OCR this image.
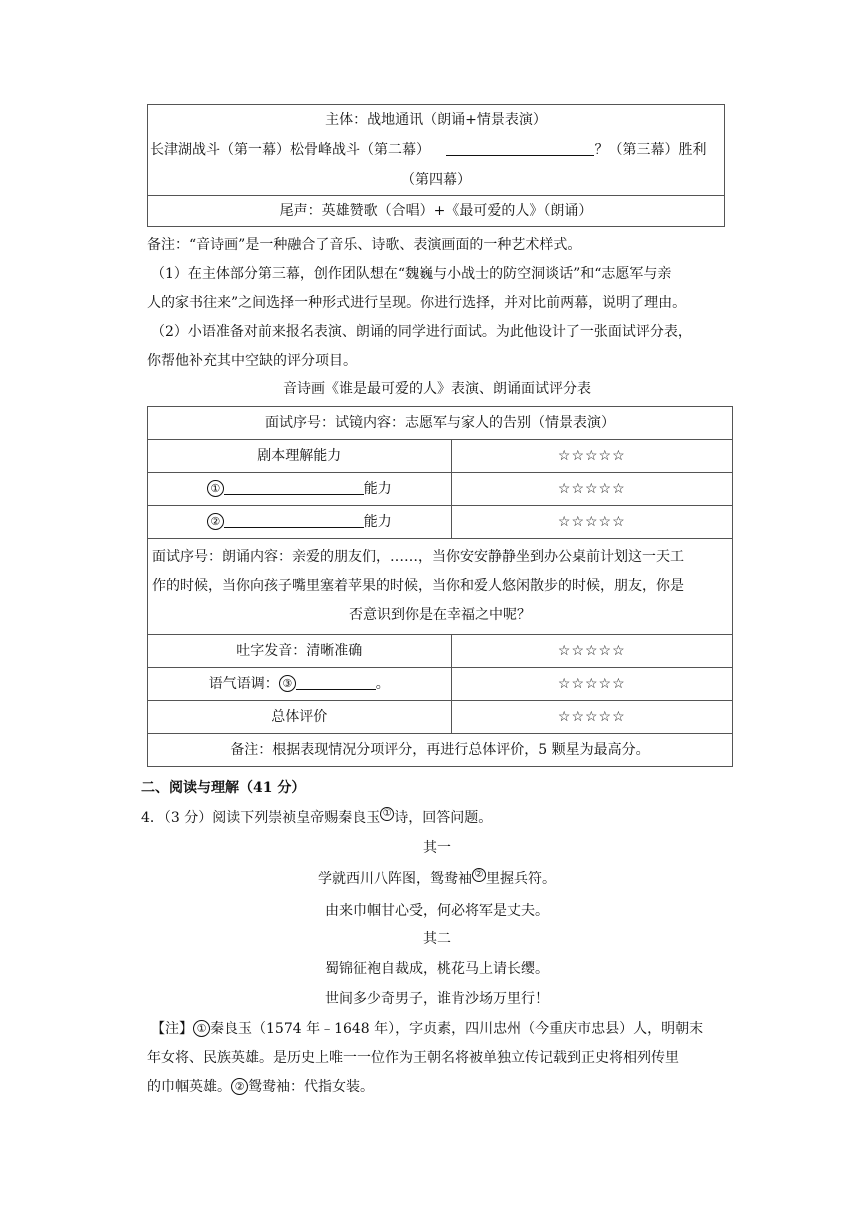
主体：战地通讯（朗诵+情景表演）
长津湖战斗（第一幕）松骨峰战斗（第二幕）	？（第三幕）胜利
（第四幕）

尾声：英雄赞歌（合唱）+《最可爱的人》（朗诵）
备注：“音诗画”是一种融合了音乐、诗歌、表演画面的一种艺术样式。
（1）在主体部分第三幕，创作团队想在“魏巍与小战士的防空洞谈话”和“志愿军与亲
人的家书往来”之间选择一种形式进行呈现。你进行选择，并对比前两幕，说明了理由。
（2）小语准备对前来报名表演、朗诵的同学进行面试。为此他设计了一张面试评分表，
你帮他补充其中空缺的评分项目。
音诗画《谁是最可爱的人》表演、朗诵面试评分表
面试序号：试镜内容：志愿军与家人的告别（情景表演）	
剧本理解能力	☆☆☆☆☆
① 能力	☆☆☆☆☆
② 能力	☆☆☆☆☆

面试序号：朗诵内容：亲爱的朋友们，……，当你安安静静坐到办公桌前计划这一天工
作的时候，当你向孩子嘴里塞着苹果的时候，当你和爱人悠闲散步的时候，朋友，你是
否意识到你是在幸福之中呢？	

吐字发音：清晰准确	☆☆☆☆☆
语气语调： ③ 。	☆☆☆☆☆
总体评价	☆☆☆☆☆
备注：根据表现情况分项评分，再进行总体评价，5 颗星为最高分。	
二、阅读与理解（41 分）
4．（3 分）阅读下列崇祯皇帝赐秦良玉 ① 诗，回答问题。
其一
学就西川八阵图，鸳鸯袖 ② 里握兵符。
由来巾帼甘心受，何必将军是丈夫。
其二
蜀锦征袍自裁成，桃花马上请长缨。
世间多少奇男子，谁肯沙场万里行！
【注】 ① 秦良玉（1574 年﹣1648 年），字贞素，四川忠州（今重庆市忠县）人，明朝末
年女将、民族英雄。是历史上唯一一位作为王朝名将被单独立传记载到正史将相列传里
的巾帼英雄。 ② 鸳鸯袖：代指女装。
